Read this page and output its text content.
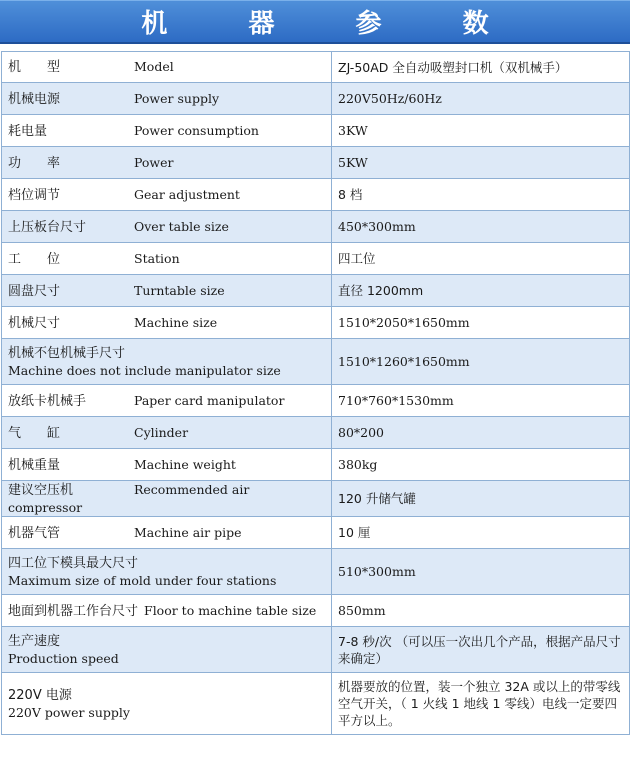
机 器 参 数
机　　型 Model	ZJ-50AD 全自动吸塑封口机（双机械手）
机械电源 Power supply	220V50Hz/60Hz
耗电量 Power consumption	3KW
功　　率 Power	5KW
档位调节 Gear adjustment	8 档
上压板台尺寸 Over table size	450*300mm
工　　位 Station	四工位
圆盘尺寸 Turntable size	直径 1200mm
机械尺寸 Machine size	1510*2050*1650mm

机械不包机械手尺寸
Machine does not include manipulator size	1510*1260*1650mm
放纸卡机械手 Paper card manipulator	710*760*1530mm
气　　缸 Cylinder	80*200
机械重量 Machine weight	380kg
建议空压机 Recommended air compressor	120 升储气罐
机器气管 Machine air pipe	10 厘

四工位下模具最大尺寸
Maximum size of mold under four stations	510*300mm
地面到机器工作台尺寸 Floor to machine table size	850mm

生产速度
Production speed	7-8 秒/次 （可以压一次出几个产品，根据产品尺寸来确定）

220V 电源
220V power supply	机器要放的位置，装一个独立 32A 或以上的带零线空气开关，（ 1 火线 1 地线 1 零线）电线一定要四平方以上。
